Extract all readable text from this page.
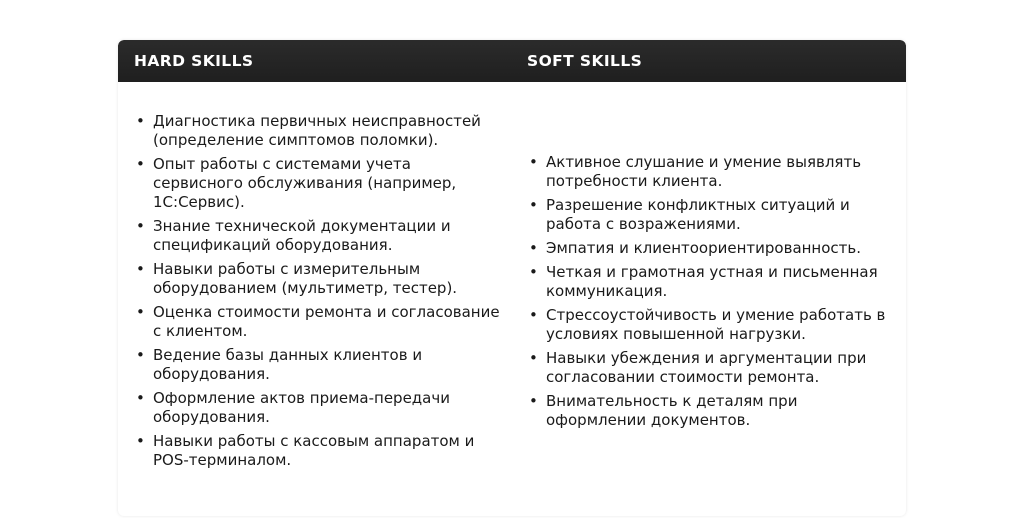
HARD SKILLS	SOFT SKILLS
• Диагностика первичных неисправностей (определение симптомов поломки).
• Опыт работы с системами учета сервисного обслуживания (например, 1С:Сервис).
• Знание технической документации и спецификаций оборудования.
• Навыки работы с измерительным оборудованием (мультиметр, тестер).
• Оценка стоимости ремонта и согласование с клиентом.
• Ведение базы данных клиентов и оборудования.
• Оформление актов приема-передачи оборудования.
• Навыки работы с кассовым аппаратом и POS-терминалом.
• Активное слушание и умение выявлять потребности клиента.
• Разрешение конфликтных ситуаций и работа с возражениями.
• Эмпатия и клиентоориентированность.
• Четкая и грамотная устная и письменная коммуникация.
• Стрессоустойчивость и умение работать в условиях повышенной нагрузки.
• Навыки убеждения и аргументации при согласовании стоимости ремонта.
• Внимательность к деталям при оформлении документов.
